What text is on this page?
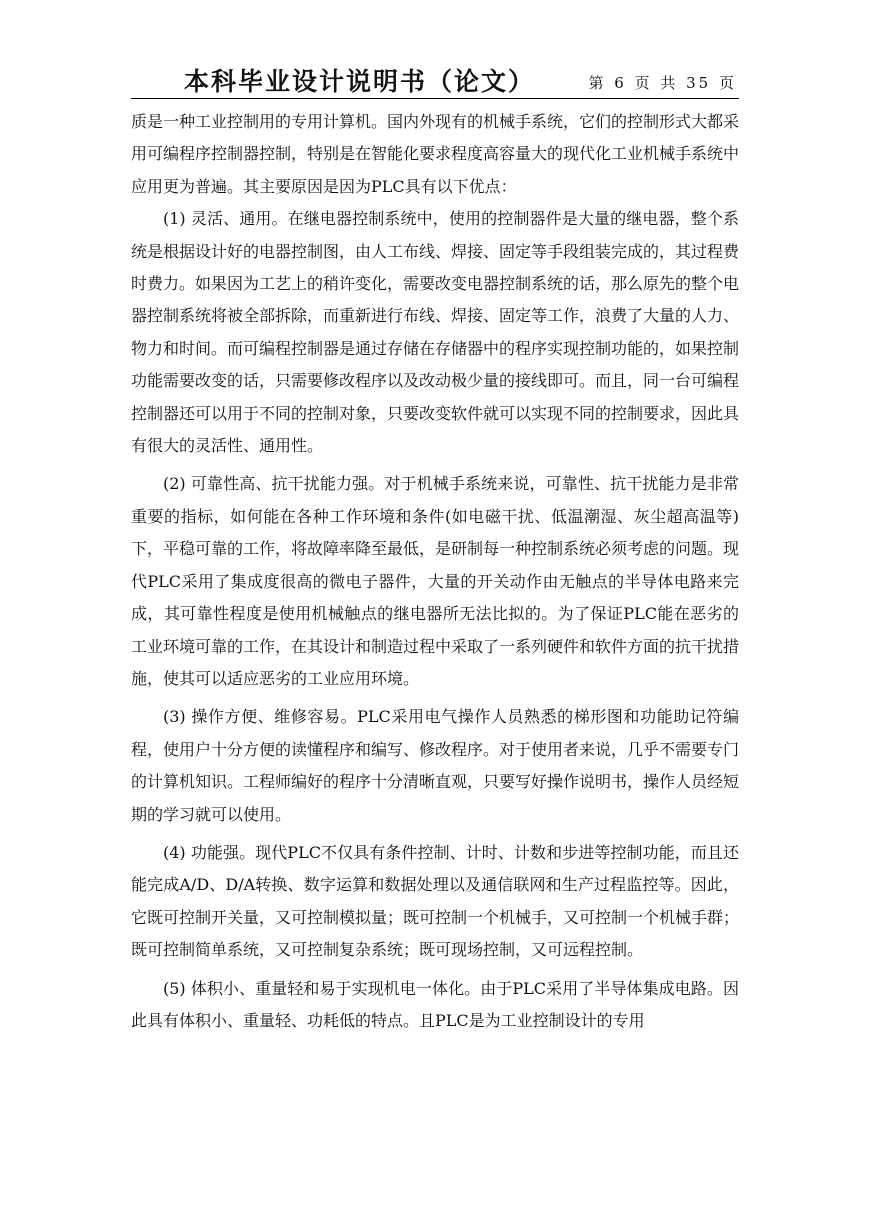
本科毕业设计说明书（论文）	第 6 页 共 35 页

质是一种工业控制用的专用计算机。国内外现有的机械手系统，它们的控制形式大都采用可编程序控制器控制，特别是在智能化要求程度高容量大的现代化工业机械手系统中应用更为普遍。其主要原因是因为PLC具有以下优点：

(1) 灵活、通用。在继电器控制系统中，使用的控制器件是大量的继电器，整个系统是根据设计好的电器控制图，由人工布线、焊接、固定等手段组装完成的，其过程费时费力。如果因为工艺上的稍许变化，需要改变电器控制系统的话，那么原先的整个电器控制系统将被全部拆除，而重新进行布线、焊接、固定等工作，浪费了大量的人力、物力和时间。而可编程控制器是通过存储在存储器中的程序实现控制功能的，如果控制功能需要改变的话，只需要修改程序以及改动极少量的接线即可。而且，同一台可编程控制器还可以用于不同的控制对象，只要改变软件就可以实现不同的控制要求，因此具有很大的灵活性、通用性。

(2) 可靠性高、抗干扰能力强。对于机械手系统来说，可靠性、抗干扰能力是非常重要的指标，如何能在各种工作环境和条件(如电磁干扰、低温潮湿、灰尘超高温等)下，平稳可靠的工作，将故障率降至最低，是研制每一种控制系统必须考虑的问题。现代PLC采用了集成度很高的微电子器件，大量的开关动作由无触点的半导体电路来完成，其可靠性程度是使用机械触点的继电器所无法比拟的。为了保证PLC能在恶劣的工业环境可靠的工作，在其设计和制造过程中采取了一系列硬件和软件方面的抗干扰措施，使其可以适应恶劣的工业应用环境。

(3) 操作方便、维修容易。PLC采用电气操作人员熟悉的梯形图和功能助记符编程，使用户十分方便的读懂程序和编写、修改程序。对于使用者来说，几乎不需要专门的计算机知识。工程师编好的程序十分清晰直观，只要写好操作说明书，操作人员经短期的学习就可以使用。

(4) 功能强。现代PLC不仅具有条件控制、计时、计数和步进等控制功能，而且还能完成A/D、D/A转换、数字运算和数据处理以及通信联网和生产过程监控等。因此，它既可控制开关量，又可控制模拟量；既可控制一个机械手，又可控制一个机械手群；既可控制简单系统，又可控制复杂系统；既可现场控制，又可远程控制。

(5) 体积小、重量轻和易于实现机电一体化。由于PLC采用了半导体集成电路。因此具有体积小、重量轻、功耗低的特点。且PLC是为工业控制设计的专用
